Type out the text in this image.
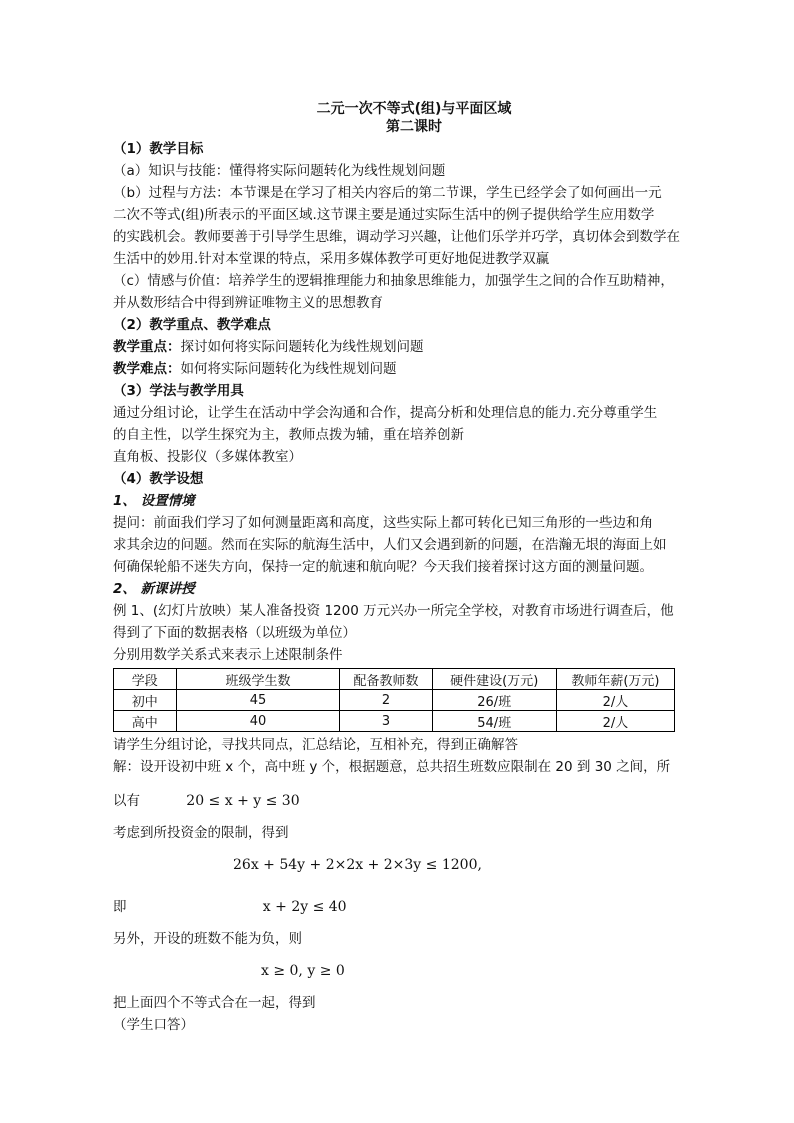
二元一次不等式(组)与平面区域
第二课时
（1）教学目标
（a）知识与技能：懂得将实际问题转化为线性规划问题
（b）过程与方法：本节课是在学习了相关内容后的第二节课，学生已经学会了如何画出一元
二次不等式(组)所表示的平面区域.这节课主要是通过实际生活中的例子提供给学生应用数学
的实践机会。教师要善于引导学生思维，调动学习兴趣，让他们乐学并巧学，真切体会到数学在
生活中的妙用.针对本堂课的特点，采用多媒体教学可更好地促进教学双赢
（c）情感与价值：培养学生的逻辑推理能力和抽象思维能力，加强学生之间的合作互助精神，
并从数形结合中得到辨证唯物主义的思想教育
（2）教学重点、教学难点
教学重点：探讨如何将实际问题转化为线性规划问题
教学难点：如何将实际问题转化为线性规划问题
（3）学法与教学用具
通过分组讨论，让学生在活动中学会沟通和合作，提高分析和处理信息的能力.充分尊重学生
的自主性，以学生探究为主，教师点拨为辅，重在培养创新
直角板、投影仪（多媒体教室）
（4）教学设想
1、 设置情境
提问：前面我们学习了如何测量距离和高度，这些实际上都可转化已知三角形的一些边和角
求其余边的问题。然而在实际的航海生活中，人们又会遇到新的问题，在浩瀚无垠的海面上如
何确保轮船不迷失方向，保持一定的航速和航向呢？今天我们接着探讨这方面的测量问题。
2、 新课讲授
例 1、(幻灯片放映）某人准备投资 1200 万元兴办一所完全学校，对教育市场进行调查后，他
得到了下面的数据表格（以班级为单位）
分别用数学关系式来表示上述限制条件
学段	班级学生数	配备教师数	硬件建设(万元)	教师年薪(万元)
初中	45	2	26/班	2/人
高中	40	3	54/班	2/人
请学生分组讨论，寻找共同点，汇总结论，互相补充，得到正确解答
解：设开设初中班 x 个，高中班 y 个，根据题意，总共招生班数应限制在 20 到 30 之间，所
以有	20 ≤ x + y ≤ 30
考虑到所投资金的限制，得到
26x + 54y + 2×2x + 2×3y ≤ 1200,
即	x + 2y ≤ 40
另外，开设的班数不能为负，则
x ≥ 0, y ≥ 0
把上面四个不等式合在一起，得到
（学生口答）
